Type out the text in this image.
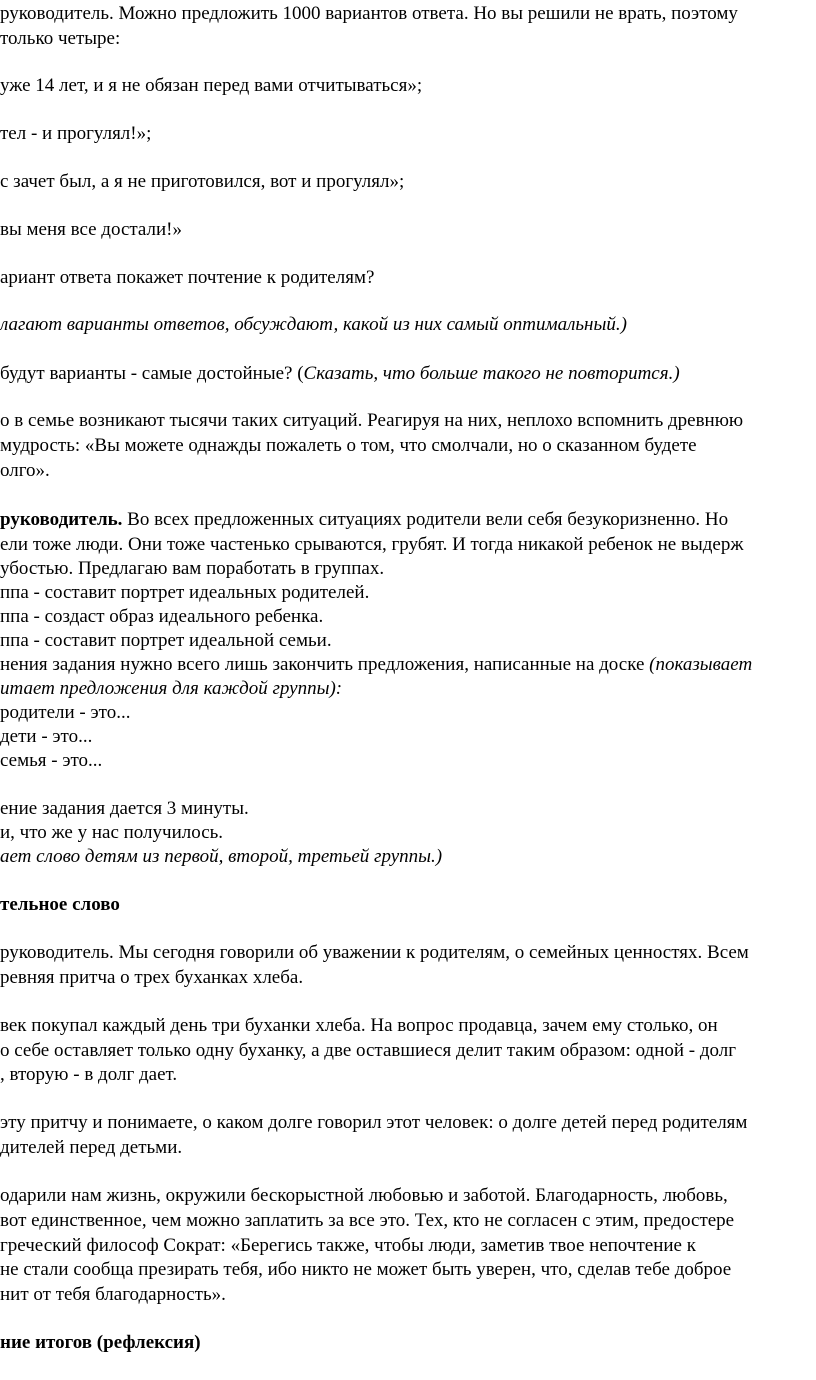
руководитель. Можно предложить 1000 вариантов ответа. Но вы решили не врать, поэтому
только четыре:
уже 14 лет, и я не обязан перед вами отчитываться»;
тел - и прогулял!»;
с зачет был, а я не приготовился, вот и прогулял»;
вы меня все достали!»
ариант ответа покажет почтение к родителям?
лагают варианты ответов, обсуждают, какой из них самый оптимальный.)
будут варианты - самые достойные? (Сказать, что больше такого не повторится.)
о в семье возникают тысячи таких ситуаций. Реагируя на них, неплохо вспомнить древнюю
мудрость: «Вы можете однажды пожалеть о том, что смолчали, но о сказанном будете
олго».
руководитель. Во всех предложенных ситуациях родители вели себя безукоризненно. Но
ели тоже люди. Они тоже частенько срываются, грубят. И тогда никакой ребенок не выдерж
убостью. Предлагаю вам поработать в группах.
ппа - составит портрет идеальных родителей.
ппа - создаст образ идеального ребенка.
ппа - составит портрет идеальной семьи.
нения задания нужно всего лишь закончить предложения, написанные на доске (показывает
итает предложения для каждой группы):
родители - это...
дети - это...
семья - это...
ение задания дается 3 минуты.
и, что же у нас получилось.
ает слово детям из первой, второй, третьей группы.)
тельное слово
руководитель. Мы сегодня говорили об уважении к родителям, о семейных ценностях. Всем
ревняя притча о трех буханках хлеба.
век покупал каждый день три буханки хлеба. На вопрос продавца, зачем ему столько, он
о себе оставляет только одну буханку, а две оставшиеся делит таким образом: одной - долг
, вторую - в долг дает.
эту притчу и понимаете, о каком долге говорил этот человек: о долге детей перед родителям
дителей перед детьми.
одарили нам жизнь, окружили бескорыстной любовью и заботой. Благодарность, любовь,
вот единственное, чем можно заплатить за все это. Тех, кто не согласен с этим, предостере
греческий философ Сократ: «Берегись также, чтобы люди, заметив твое непочтение к
не стали сообща презирать тебя, ибо никто не может быть уверен, что, сделав тебе доброе
нит от тебя благодарность».
ние итогов (рефлексия)
